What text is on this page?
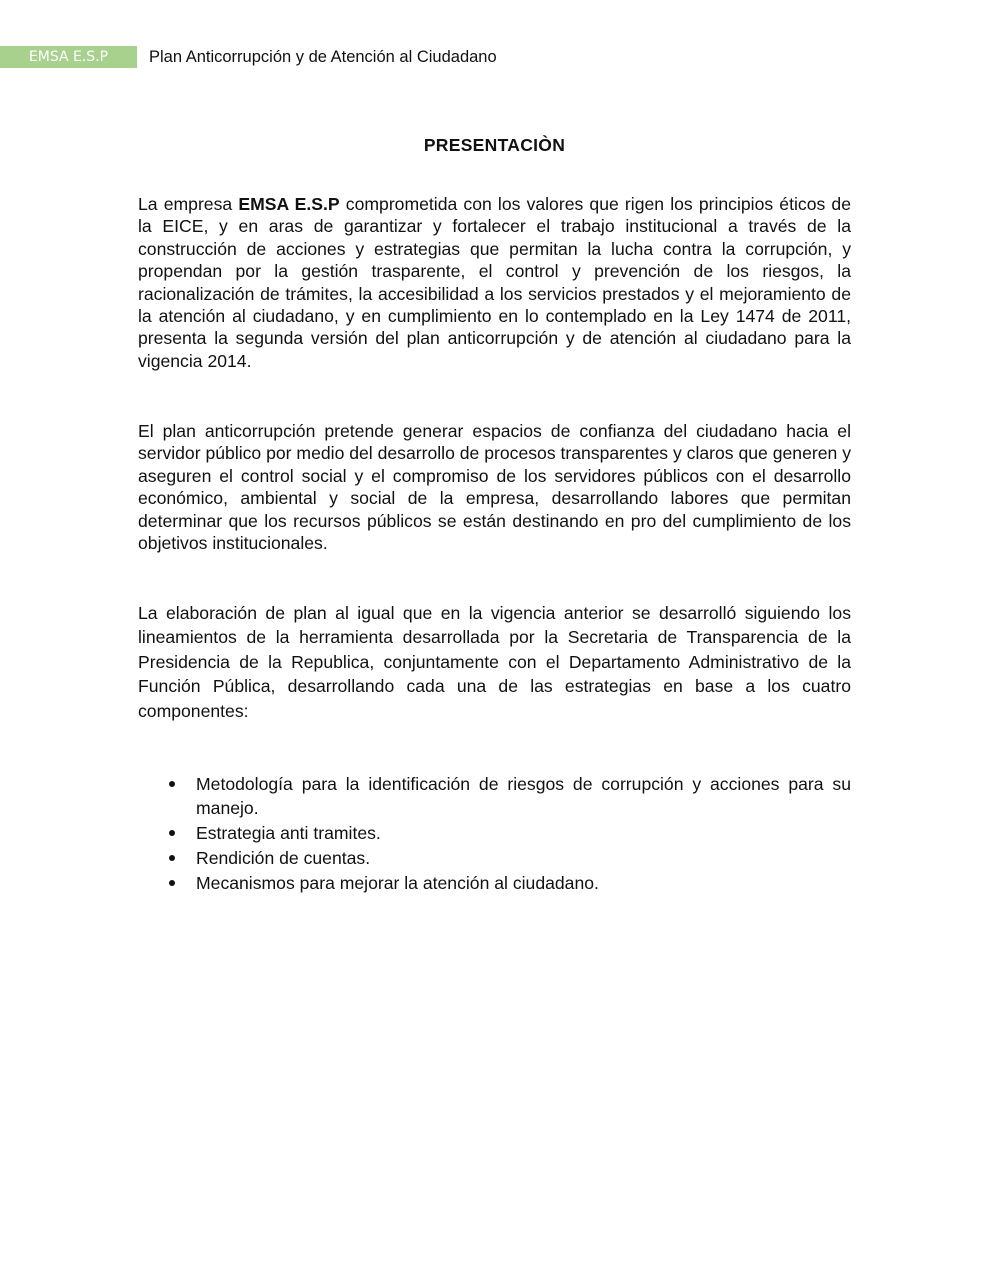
EMSA E.S.P Plan Anticorrupción y de Atención al Ciudadano
PRESENTACIÒN

La empresa EMSA E.S.P comprometida con los valores que rigen los principios éticos de la EICE, y en aras de garantizar y fortalecer el trabajo institucional a través de la construcción de acciones y estrategias que permitan la lucha contra la corrupción, y propendan por la gestión trasparente, el control y prevención de los riesgos, la racionalización de trámites, la accesibilidad a los servicios prestados y el mejoramiento de la atención al ciudadano, y en cumplimiento en lo contemplado en la Ley 1474 de 2011, presenta la segunda versión del plan anticorrupción y de atención al ciudadano para la vigencia 2014.

El plan anticorrupción pretende generar espacios de confianza del ciudadano hacia el servidor público por medio del desarrollo de procesos transparentes y claros que generen y aseguren el control social y el compromiso de los servidores públicos con el desarrollo económico, ambiental y social de la empresa, desarrollando labores que permitan determinar que los recursos públicos se están destinando en pro del cumplimiento de los objetivos institucionales.

La elaboración de plan al igual que en la vigencia anterior se desarrolló siguiendo los lineamientos de la herramienta desarrollada por la Secretaria de Transparencia de la Presidencia de la Republica, conjuntamente con el Departamento Administrativo de la Función Pública, desarrollando cada una de las estrategias en base a los cuatro componentes:

Metodología para la identificación de riesgos de corrupción y acciones para su manejo.
Estrategia anti tramites.
Rendición de cuentas.
Mecanismos para mejorar la atención al ciudadano.
